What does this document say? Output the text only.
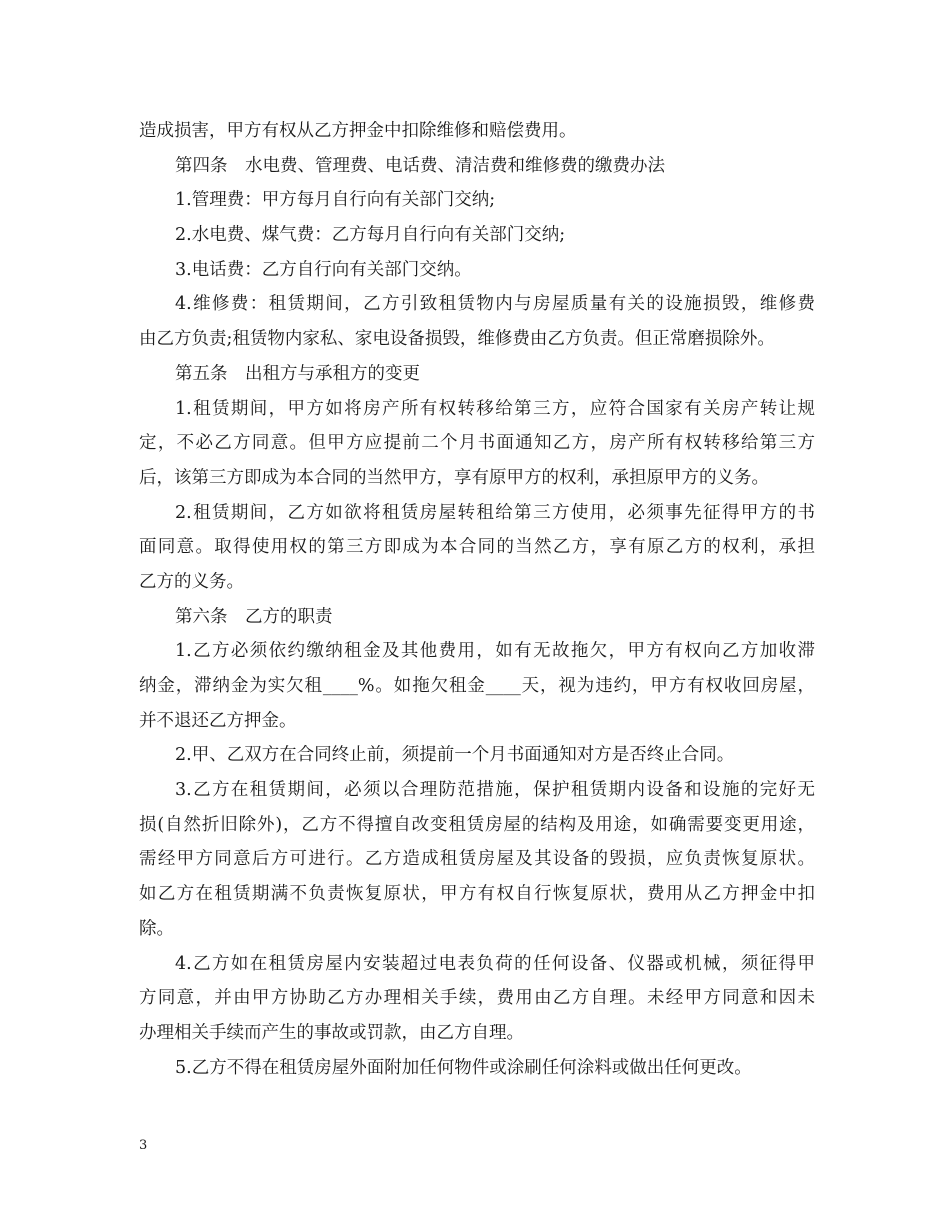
造成损害，甲方有权从乙方押金中扣除维修和赔偿费用。
第四条　水电费、管理费、电话费、清洁费和维修费的缴费办法
1.管理费：甲方每月自行向有关部门交纳;
2.水电费、煤气费：乙方每月自行向有关部门交纳;
3.电话费：乙方自行向有关部门交纳。
4.维修费：租赁期间，乙方引致租赁物内与房屋质量有关的设施损毁，维修费
由乙方负责;租赁物内家私、家电设备损毁，维修费由乙方负责。但正常磨损除外。
第五条　出租方与承租方的变更
1.租赁期间，甲方如将房产所有权转移给第三方，应符合国家有关房产转让规
定，不必乙方同意。但甲方应提前二个月书面通知乙方，房产所有权转移给第三方
后，该第三方即成为本合同的当然甲方，享有原甲方的权利，承担原甲方的义务。
2.租赁期间，乙方如欲将租赁房屋转租给第三方使用，必须事先征得甲方的书
面同意。取得使用权的第三方即成为本合同的当然乙方，享有原乙方的权利，承担
乙方的义务。
第六条　乙方的职责
1.乙方必须依约缴纳租金及其他费用，如有无故拖欠，甲方有权向乙方加收滞
纳金，滞纳金为实欠租____%。如拖欠租金____天，视为违约，甲方有权收回房屋，
并不退还乙方押金。
2.甲、乙双方在合同终止前，须提前一个月书面通知对方是否终止合同。
3.乙方在租赁期间，必须以合理防范措施，保护租赁期内设备和设施的完好无
损(自然折旧除外)，乙方不得擅自改变租赁房屋的结构及用途，如确需要变更用途，
需经甲方同意后方可进行。乙方造成租赁房屋及其设备的毁损，应负责恢复原状。
如乙方在租赁期满不负责恢复原状，甲方有权自行恢复原状，费用从乙方押金中扣
除。
4.乙方如在租赁房屋内安装超过电表负荷的任何设备、仪器或机械，须征得甲
方同意，并由甲方协助乙方办理相关手续，费用由乙方自理。未经甲方同意和因未
办理相关手续而产生的事故或罚款，由乙方自理。
5.乙方不得在租赁房屋外面附加任何物件或涂刷任何涂料或做出任何更改。
3
